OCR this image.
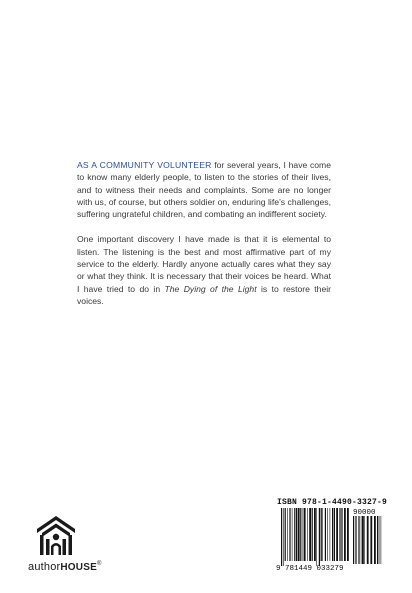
AS A COMMUNITY VOLUNTEER for several years, I have come to know many elderly people, to listen to the stories of their lives, and to witness their needs and complaints. Some are no longer with us, of course, but others soldier on, enduring life’s challenges, suffering ungrateful children, and combating an indifferent society.

One important discovery I have made is that it is elemental to listen. The listening is the best and most affirmative part of my service to the elderly. Hardly anyone actually cares what they say or what they think. It is necessary that their voices be heard. What I have tried to do in The Dying of the Light is to restore their voices.

authorHOUSE®
ISBN 978-1-4490-3327-9
90000
9 781449 033279
